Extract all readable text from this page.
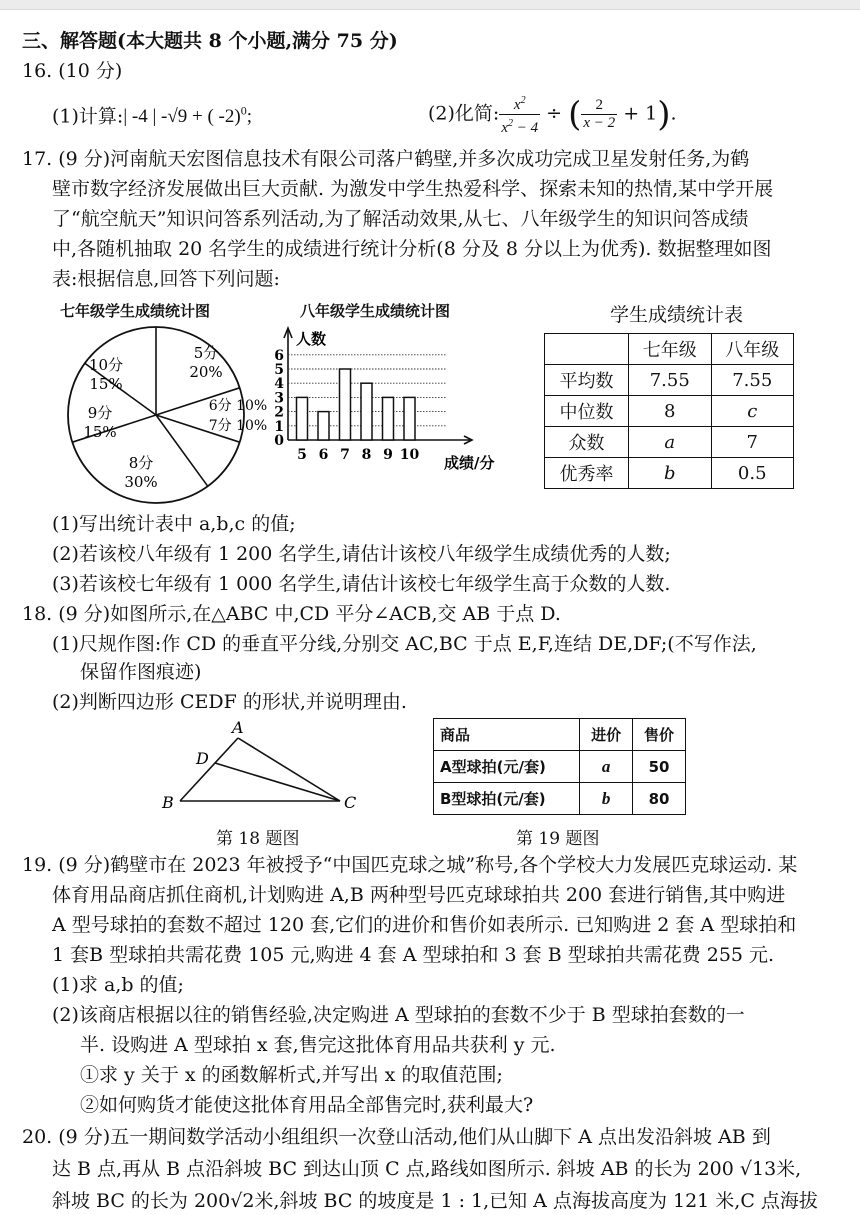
三、解答题(本大题共 8 个小题,满分 75 分)
16. (10 分)
(1)计算:| -4 | -√9 + ( -2)$^0$;	(2)化简: $\frac{x^2}{x^2 - 4}$ ÷ ( $\frac{2}{x - 2} + 1$).
17. (9 分)河南航天宏图信息技术有限公司落户鹤壁,并多次成功完成卫星发射任务,为鹤
壁市数字经济发展做出巨大贡献. 为激发中学生热爱科学、探索未知的热情,某中学开展
了“航空航天”知识问答系列活动,为了解活动效果,从七、八年级学生的知识问答成绩
中,各随机抽取 20 名学生的成绩进行统计分析(8 分及 8 分以上为优秀). 数据整理如图
表:根据信息,回答下列问题:
七年级学生成绩统计图
5分
20%
6分 10%
7分 10%
8分
30%
9分
15%
10分
15%
八年级学生成绩统计图
人数
成绩/分
0
1
2
3
4
5
6
5 6 7 8 9 10
学生成绩统计表
	七年级	八年级
平均数	7.55	7.55
中位数	8	c
众数	a	7
优秀率	b	0.5
(1)写出统计表中 a,b,c 的值;
(2)若该校八年级有 1 200 名学生,请估计该校八年级学生成绩优秀的人数;
(3)若该校七年级有 1 000 名学生,请估计该校七年级学生高于众数的人数.
18. (9 分)如图所示,在△ABC 中,CD 平分∠ACB,交 AB 于点 D.
(1)尺规作图:作 CD 的垂直平分线,分别交 AC,BC 于点 E,F,连结 DE,DF;(不写作法,
保留作图痕迹)
(2)判断四边形 CEDF 的形状,并说明理由.
A
B	C
D
第 18 题图
商品	进价	售价
A型球拍(元/套)	a	50
B型球拍(元/套)	b	80
第 19 题图
19. (9 分)鹤壁市在 2023 年被授予“中国匹克球之城”称号,各个学校大力发展匹克球运动. 某
体育用品商店抓住商机,计划购进 A,B 两种型号匹克球球拍共 200 套进行销售,其中购进
A 型号球拍的套数不超过 120 套,它们的进价和售价如表所示. 已知购进 2 套 A 型球拍和
1 套B 型球拍共需花费 105 元,购进 4 套 A 型球拍和 3 套 B 型球拍共需花费 255 元.
(1)求 a,b 的值;
(2)该商店根据以往的销售经验,决定购进 A 型球拍的套数不少于 B 型球拍套数的一
半. 设购进 A 型球拍 x 套,售完这批体育用品共获利 y 元.
①求 y 关于 x 的函数解析式,并写出 x 的取值范围;
②如何购货才能使这批体育用品全部售完时,获利最大?
20. (9 分)五一期间数学活动小组组织一次登山活动,他们从山脚下 A 点出发沿斜坡 AB 到
达 B 点,再从 B 点沿斜坡 BC 到达山顶 C 点,路线如图所示. 斜坡 AB 的长为 200 √13米,
斜坡 BC 的长为 200√2米,斜坡 BC 的坡度是 1 : 1,已知 A 点海拔高度为 121 米,C 点海拔
